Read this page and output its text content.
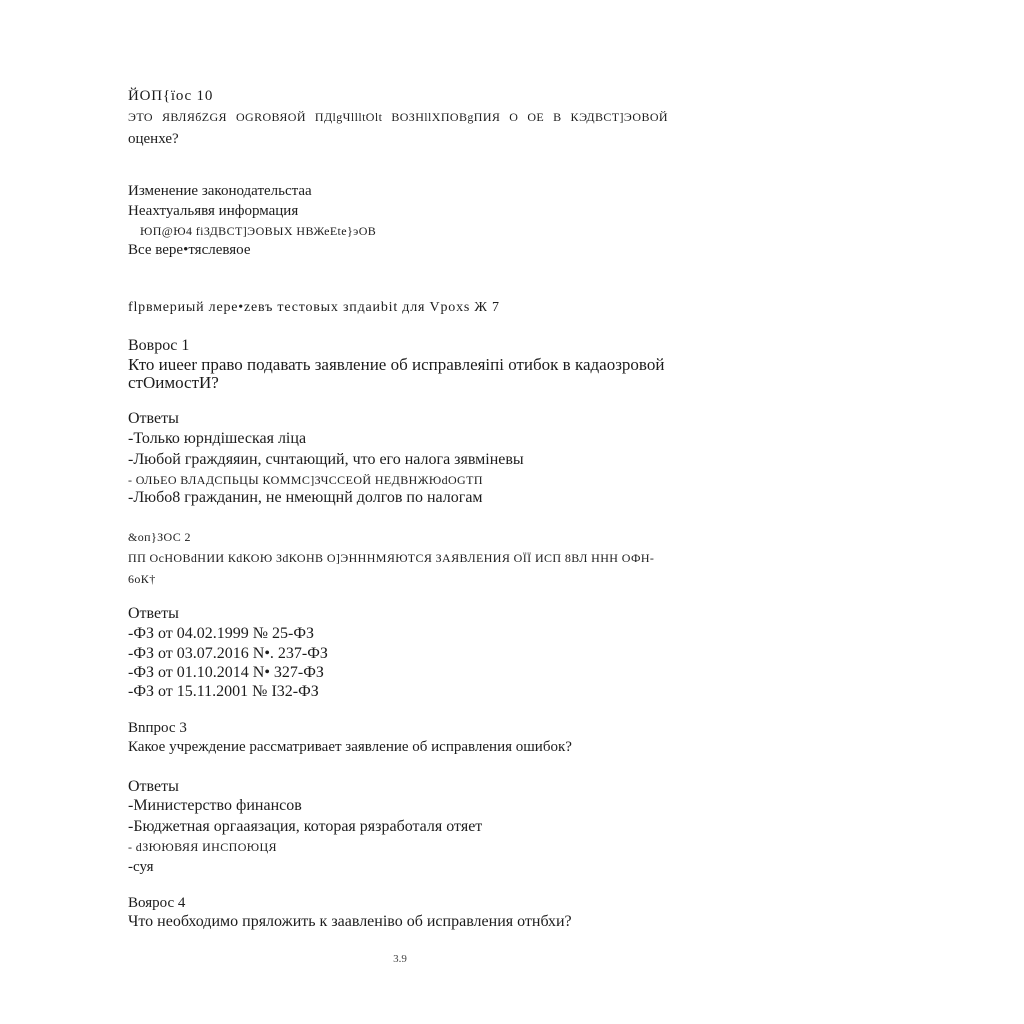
ЙОП{їос 10
ЭТО ЯВЛЯбZGЯ ОGROВЯОЙ ПДlgЧllltOlt ВОЗНllХПОВgПИЯ О ОЕ В КЭДВСТ]ЭОВОЙ
оценхе?
Изменение законодательстаа
Неахтуальявя информация
ЮП@Ю4 fiЗДВСТ]ЭОВЫХ НВЖеЕtе}эОВ
Все вере•тяслевяое
flрвмериый лере•zевъ тестовых зпдаиbit для Vpoxs Ж 7
Вовроc 1
Кто иueer право подавать заявление об исправлеяiпi отибок в кадаозровой
стОимостИ?
Ответы
-Только юрндiшеская лiца
-Любой граждяяин, счнтающий, что его налога зявмiневы
- ОЛЬЕО ВЛАДСПЬЦЫ КОММС]ЗЧССЕОЙ НЕДВНЖЮdОGТП
-Любо8 гражданин, не нмеющнй долгов по налогам
&оп}ЗОС 2
ПП ОсНОВdНИИ КdКОЮ ЗdКОНВ О]ЭНННМЯЮТСЯ ЗАЯВЛЕНИЯ ОЇЇ ИСП 8ВЛ ННН ОФН-
6оК†
Ответы
-ФЗ от 04.02.1999 № 25-ФЗ
-ФЗ от 03.07.2016 N•. 237-ФЗ
-ФЗ от 01.10.2014 N• 327-ФЗ
-ФЗ от 15.11.2001 № I32-ФЗ
Вnпрос 3
Какое учреждение рассматривает заявление об исправления ошибок?
Ответы
-Министерство финансов
-Бюджетная оргааязация, которая рязработаля отяет
- dЗЮЮВЯЯ ИНСПОЮЦЯ
-суя
Воярос 4
Что необходимо пряложить к заавленiво об исправления отнбхи?
3.9
